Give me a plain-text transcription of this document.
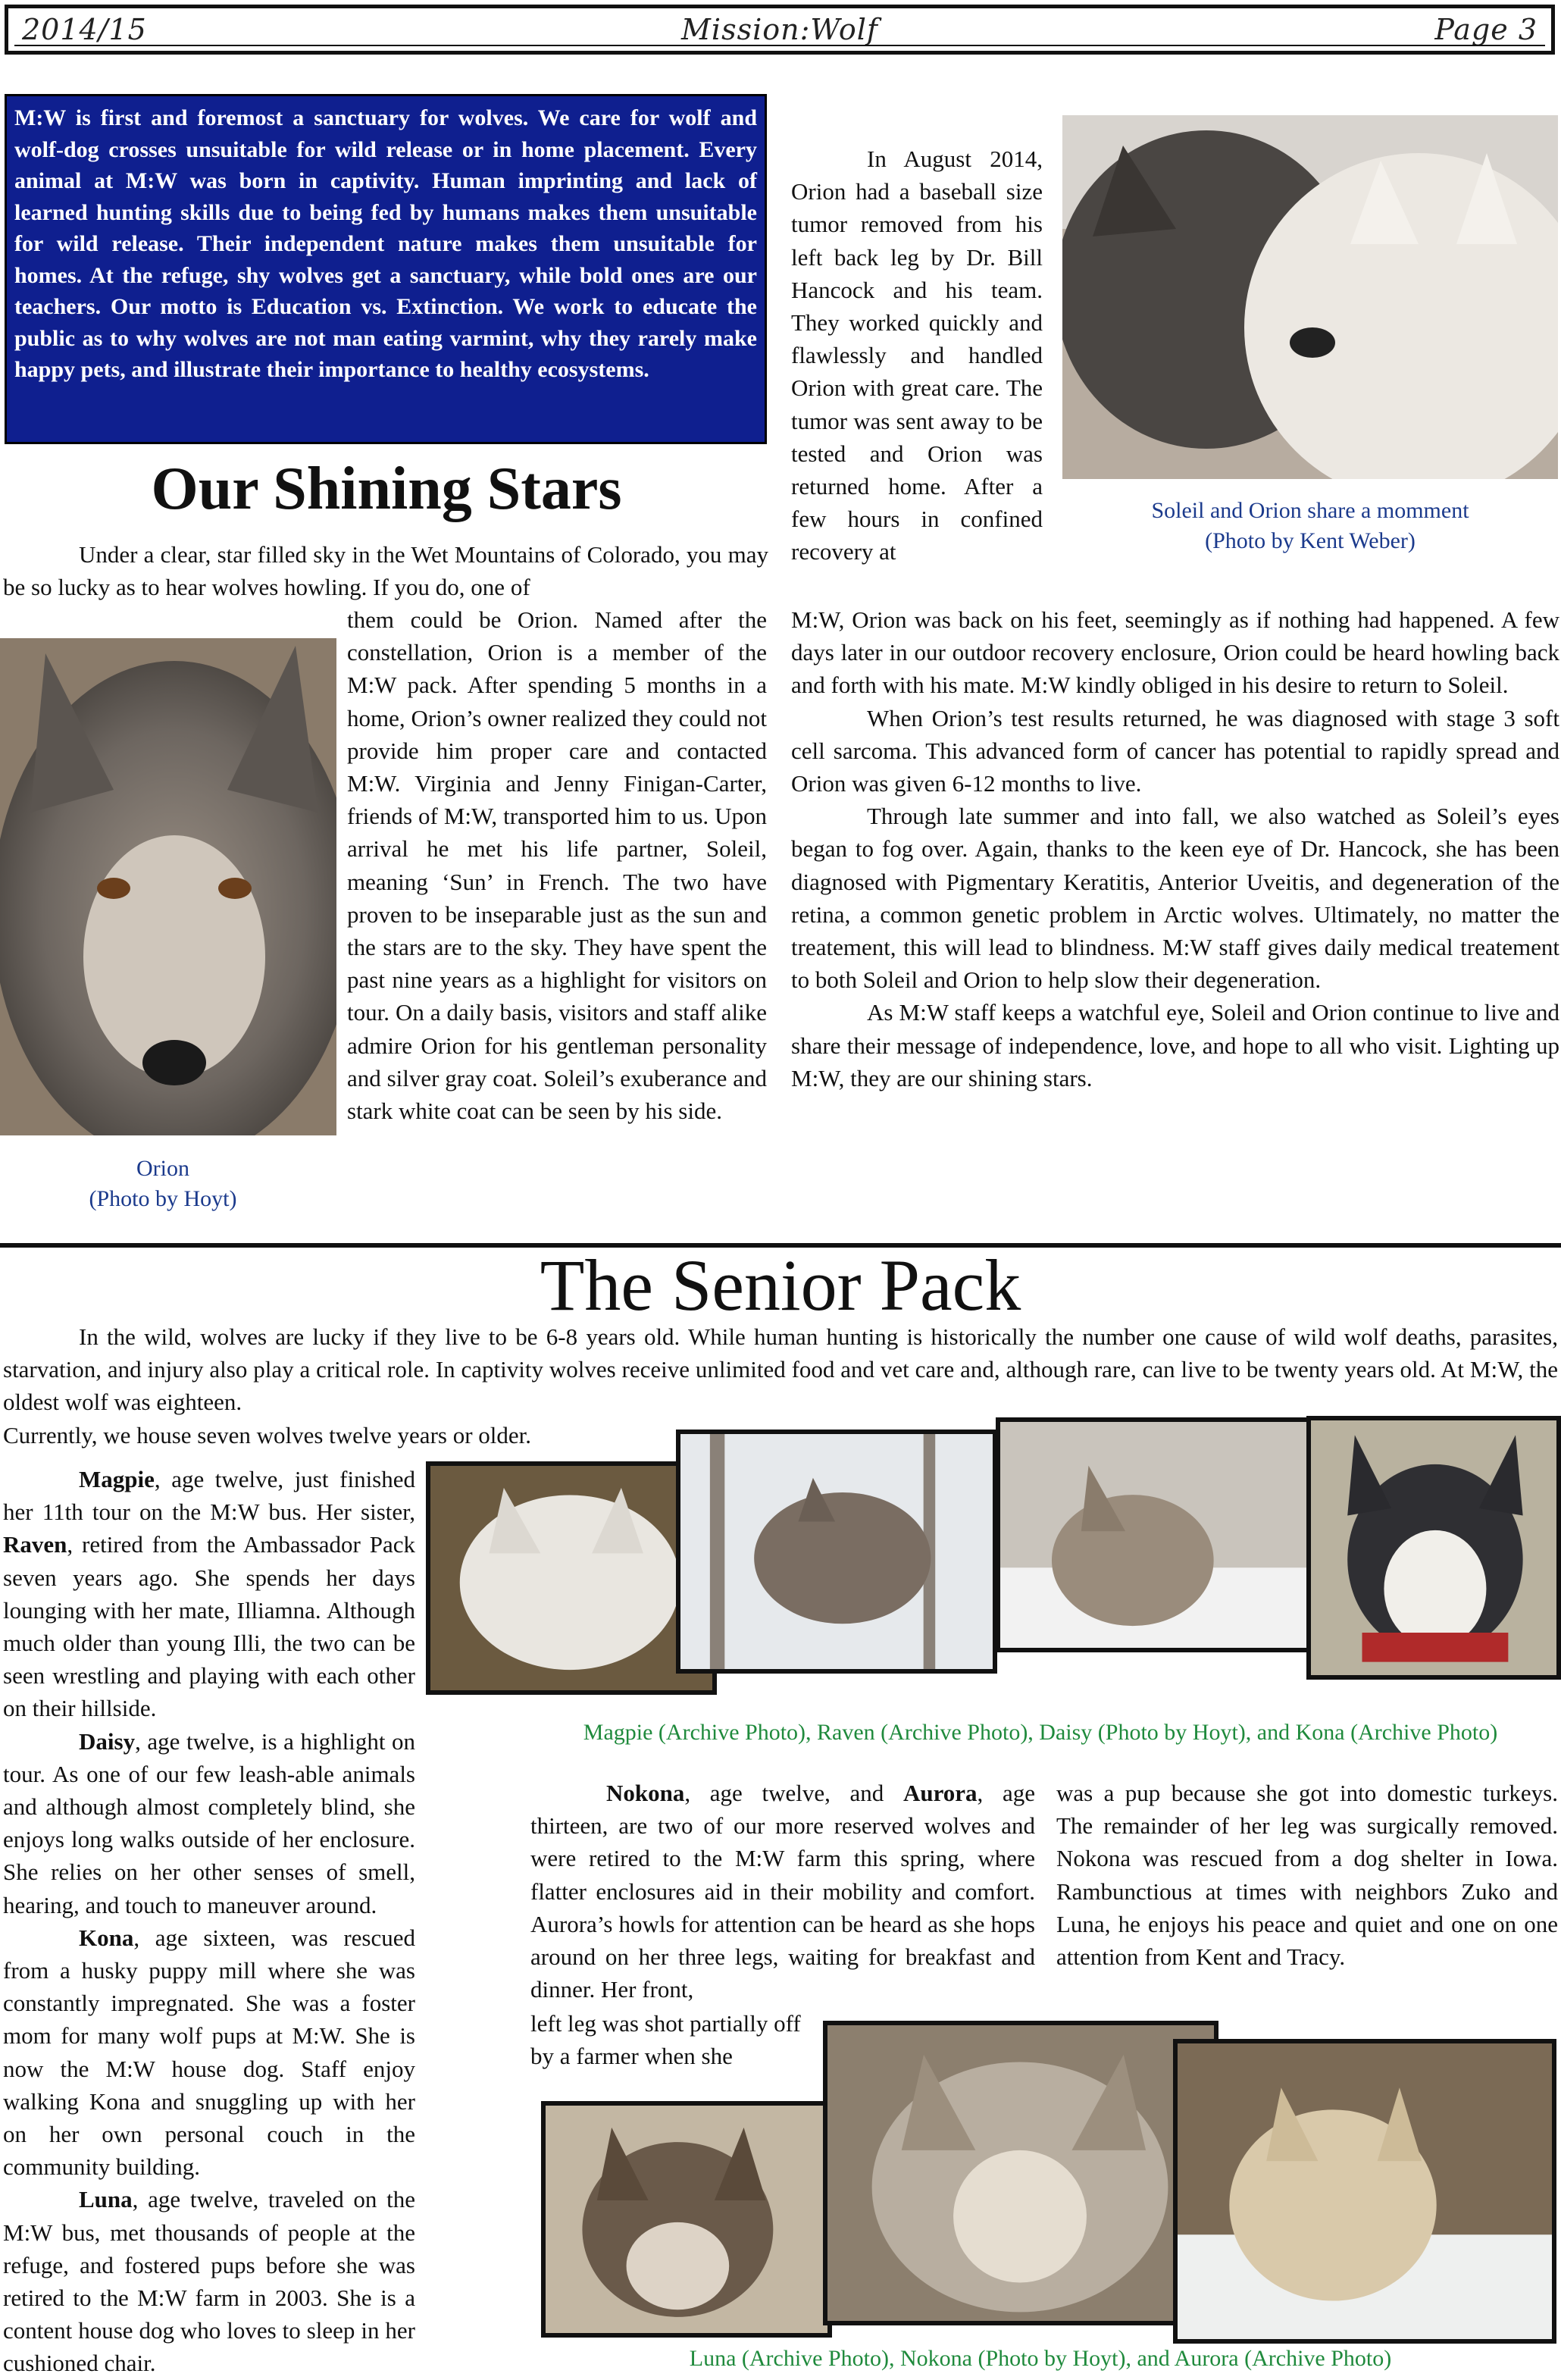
2014/15	Mission:Wolf	Page 3
M:W is first and foremost a sanctuary for wolves. We care for wolf and wolf-dog crosses unsuitable for wild release or in home placement. Every animal at M:W was born in captivity. Human imprinting and lack of learned hunting skills due to being fed by humans makes them unsuitable for wild release. Their independent nature makes them unsuitable for homes. At the refuge, shy wolves get a sanctuary, while bold ones are our teachers. Our motto is Education vs. Extinction. We work to educate the public as to why wolves are not man eating varmint, why they rarely make happy pets, and illustrate their importance to healthy ecosystems.
Our Shining Stars

Under a clear, star filled sky in the Wet Mountains of Colorado, you may be so lucky as to hear wolves howling. If you do, one of

Orion
(Photo by Hoyt)

them could be Orion. Named after the constellation, Orion is a member of the M:W pack. After spending 5 months in a home, Orion’s owner realized they could not provide him proper care and contacted M:W. Virginia and Jenny Finigan-Carter, friends of M:W, transported him to us. Upon arrival he met his life partner, Soleil, meaning ‘Sun’ in French. The two have proven to be inseparable just as the sun and the stars are to the sky. They have spent the past nine years as a highlight for visitors on tour. On a daily basis, visitors and staff alike admire Orion for his gentleman personality and silver gray coat. Soleil’s exuberance and stark white coat can be seen by his side.

In August 2014, Orion had a baseball size tumor removed from his left back leg by Dr. Bill Hancock and his team. They worked quickly and flawlessly and handled Orion with great care. The tumor was sent away to be tested and Orion was returned home. After a few hours in confined recovery at

Soleil and Orion share a momment
(Photo by Kent Weber)

M:W, Orion was back on his feet, seemingly as if nothing had happened. A few days later in our outdoor recovery enclosure, Orion could be heard howling back and forth with his mate. M:W kindly obliged in his desire to return to Soleil.

When Orion’s test results returned, he was diagnosed with stage 3 soft cell sarcoma. This advanced form of cancer has potential to rapidly spread and Orion was given 6-12 months to live.

Through late summer and into fall, we also watched as Soleil’s eyes began to fog over. Again, thanks to the keen eye of Dr. Hancock, she has been diagnosed with Pigmentary Keratitis, Anterior Uveitis, and degeneration of the retina, a common genetic problem in Arctic wolves. Ultimately, no matter the treatement, this will lead to blindness. M:W staff gives daily medical treatement to both Soleil and Orion to help slow their degeneration.

As M:W staff keeps a watchful eye, Soleil and Orion continue to live and share their message of independence, love, and hope to all who visit. Lighting up M:W, they are our shining stars.

The Senior Pack

In the wild, wolves are lucky if they live to be 6-8 years old. While human hunting is historically the number one cause of wild wolf deaths, parasites, starvation, and injury also play a critical role. In captivity wolves receive unlimited food and vet care and, although rare, can live to be twenty years old. At M:W, the oldest wolf was eighteen.

Currently, we house seven wolves twelve years or older.

Magpie (Archive Photo), Raven (Archive Photo), Daisy (Photo by Hoyt), and Kona (Archive Photo)

Magpie, age twelve, just finished her 11th tour on the M:W bus. Her sister, Raven, retired from the Ambassador Pack seven years ago. She spends her days lounging with her mate, Illiamna. Although much older than young Illi, the two can be seen wrestling and playing with each other on their hillside.

Daisy, age twelve, is a highlight on tour. As one of our few leash-able animals and although almost completely blind, she enjoys long walks outside of her enclosure. She relies on her other senses of smell, hearing, and touch to maneuver around.

Kona, age sixteen, was rescued from a husky puppy mill where she was constantly impregnated. She was a foster mom for many wolf pups at M:W. She is now the M:W house dog. Staff enjoy walking Kona and snuggling up with her on her own personal couch in the community building.

Luna, age twelve, traveled on the M:W bus, met thousands of people at the refuge, and fostered pups before she was retired to the M:W farm in 2003. She is a content house dog who loves to sleep in her cushioned chair.

Nokona, age twelve, and Aurora, age thirteen, are two of our more reserved wolves and were retired to the M:W farm this spring, where flatter enclosures aid in their mobility and comfort. Aurora’s howls for attention can be heard as she hops around on her three legs, waiting for breakfast and dinner. Her front,

left leg was shot partially off by a farmer when she

was a pup because she got into domestic turkeys. The remainder of her leg was surgically removed. Nokona was rescued from a dog shelter in Iowa. Rambunctious at times with neighbors Zuko and Luna, he enjoys his peace and quiet and one on one attention from Kent and Tracy.

Luna (Archive Photo), Nokona (Photo by Hoyt), and Aurora (Archive Photo)
